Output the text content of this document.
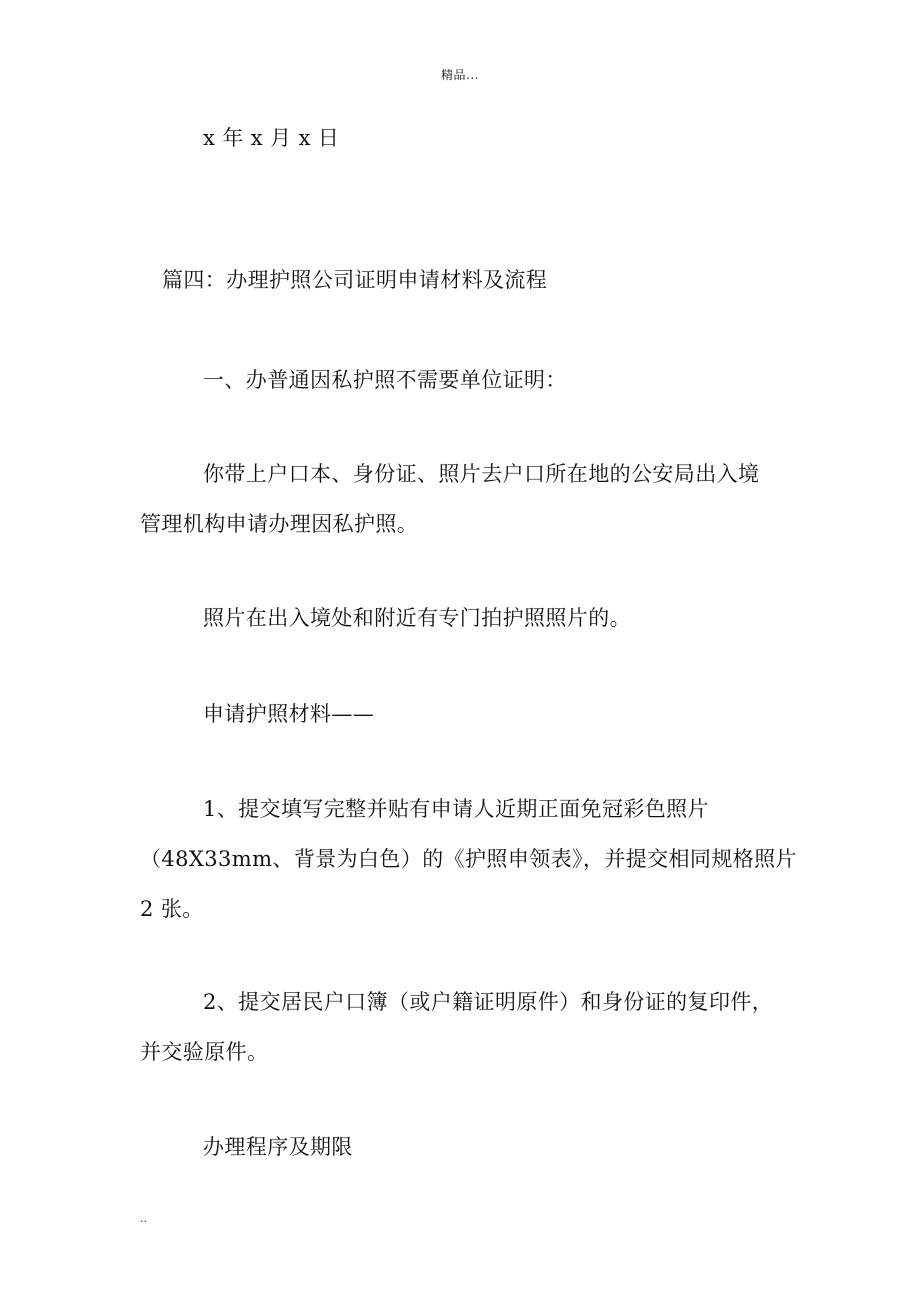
精品...
x 年 x 月 x 日
篇四：办理护照公司证明申请材料及流程
一、办普通因私护照不需要单位证明：
你带上户口本、身份证、照片去户口所在地的公安局出入境
管理机构申请办理因私护照。
照片在出入境处和附近有专门拍护照照片的。
申请护照材料——
1、提交填写完整并贴有申请人近期正面免冠彩色照片
（48X33mm、背景为白色）的《护照申领表》，并提交相同规格照片
2 张。
2、提交居民户口簿（或户籍证明原件）和身份证的复印件，
并交验原件。
办理程序及期限
..
